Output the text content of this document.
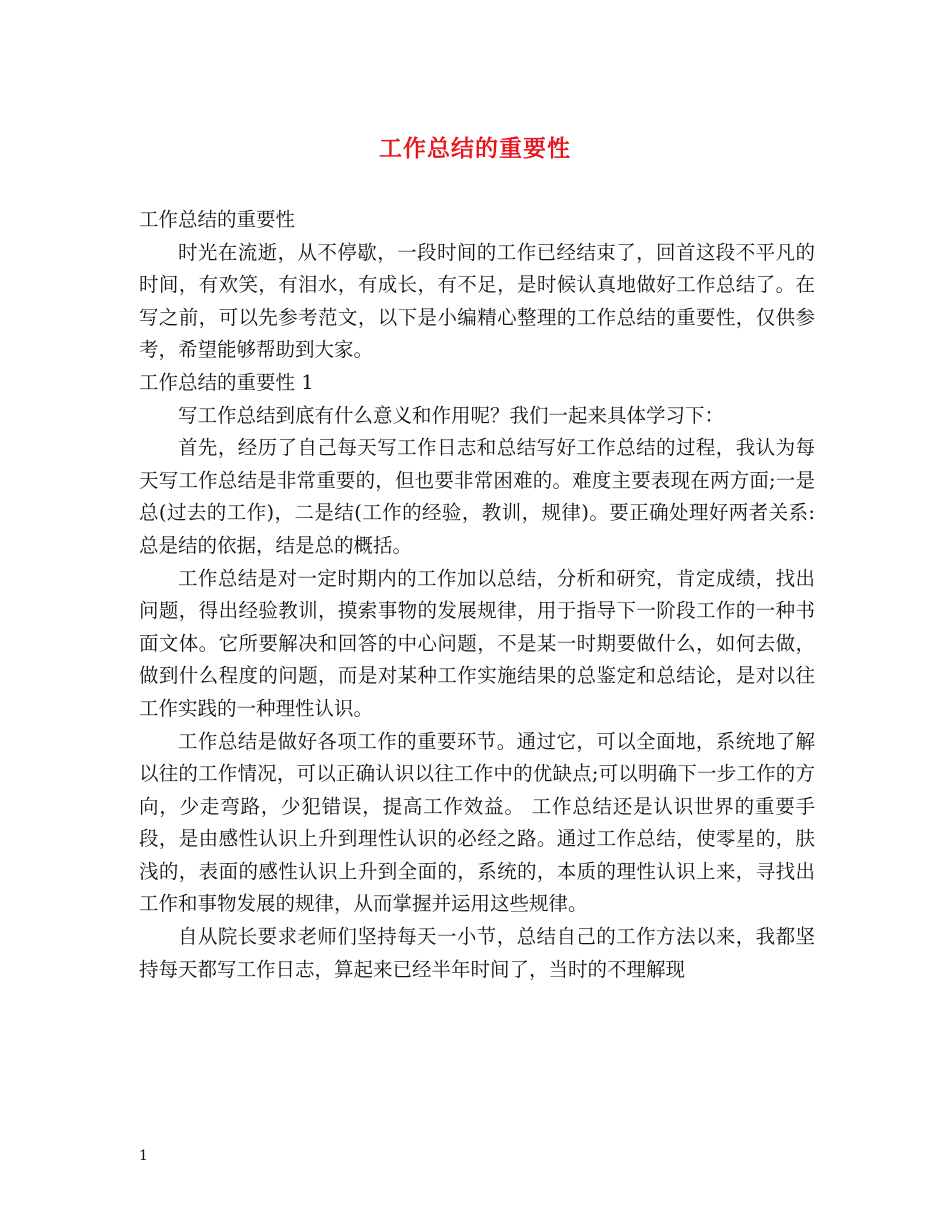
工作总结的重要性

工作总结的重要性

时光在流逝，从不停歇，一段时间的工作已经结束了，回首这段不平凡的时间，有欢笑，有泪水，有成长，有不足，是时候认真地做好工作总结了。在写之前，可以先参考范文，以下是小编精心整理的工作总结的重要性，仅供参考，希望能够帮助到大家。

工作总结的重要性 1

写工作总结到底有什么意义和作用呢？我们一起来具体学习下：

首先，经历了自己每天写工作日志和总结写好工作总结的过程，我认为每天写工作总结是非常重要的，但也要非常困难的。难度主要表现在两方面;一是总(过去的工作)，二是结(工作的经验，教训，规律)。要正确处理好两者关系:总是结的依据，结是总的概括。

工作总结是对一定时期内的工作加以总结，分析和研究，肯定成绩，找出问题，得出经验教训，摸索事物的发展规律，用于指导下一阶段工作的一种书面文体。它所要解决和回答的中心问题，不是某一时期要做什么，如何去做，做到什么程度的问题，而是对某种工作实施结果的总鉴定和总结论，是对以往工作实践的一种理性认识。

工作总结是做好各项工作的重要环节。通过它，可以全面地，系统地了解以往的工作情况，可以正确认识以往工作中的优缺点;可以明确下一步工作的方向，少走弯路，少犯错误，提高工作效益。 工作总结还是认识世界的重要手段，是由感性认识上升到理性认识的必经之路。通过工作总结，使零星的，肤浅的，表面的感性认识上升到全面的，系统的，本质的理性认识上来，寻找出工作和事物发展的规律，从而掌握并运用这些规律。

自从院长要求老师们坚持每天一小节，总结自己的工作方法以来，我都坚持每天都写工作日志，算起来已经半年时间了，当时的不理解现

1
